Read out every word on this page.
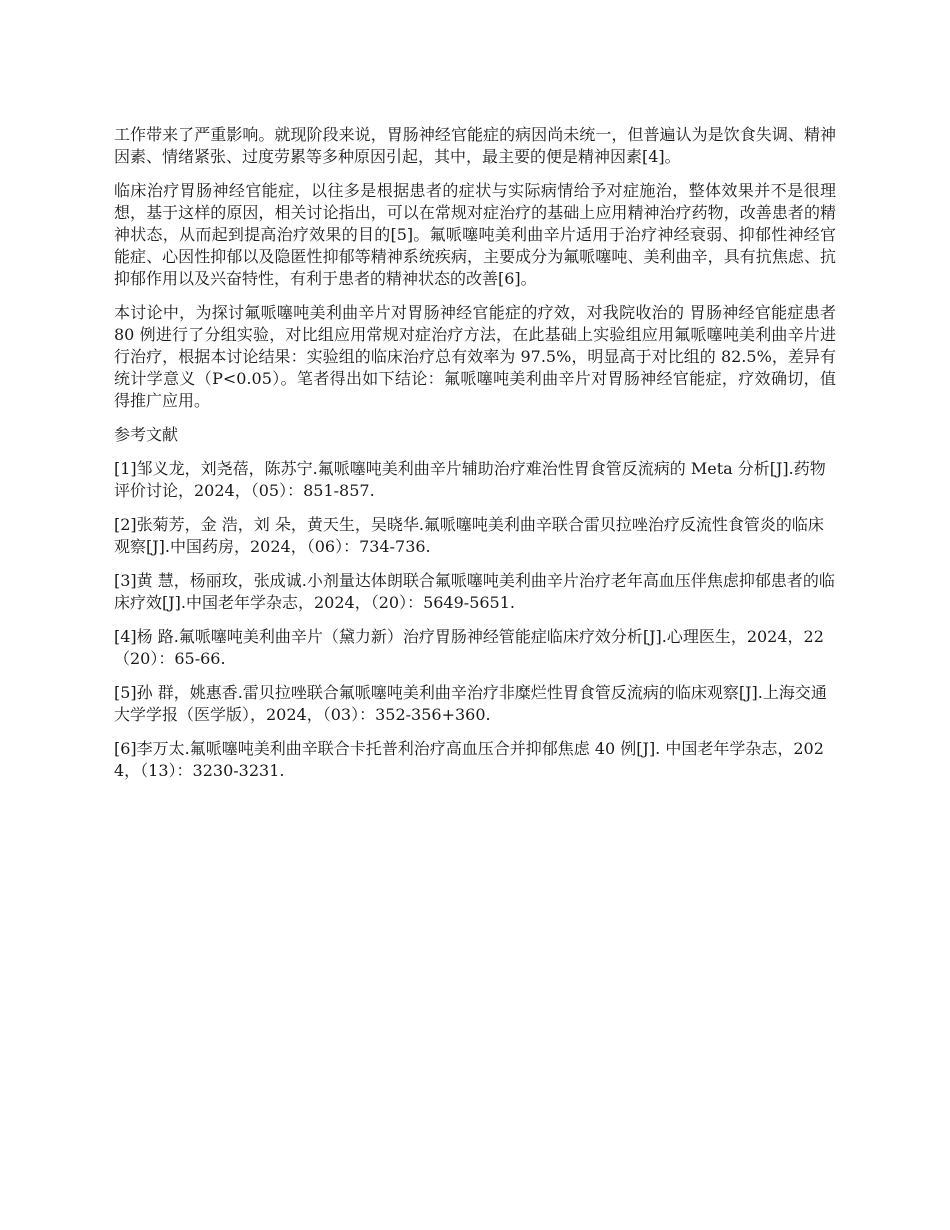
工作带来了严重影响。就现阶段来说，胃肠神经官能症的病因尚未统一，但普遍认为是饮食失调、精神因素、情绪紧张、过度劳累等多种原因引起，其中，最主要的便是精神因素[4]。

临床治疗胃肠神经官能症，以往多是根据患者的症状与实际病情给予对症施治，整体效果并不是很理想，基于这样的原因，相关讨论指出，可以在常规对症治疗的基础上应用精神治疗药物，改善患者的精神状态，从而起到提高治疗效果的目的[5]。氟哌噻吨美利曲辛片适用于治疗神经衰弱、抑郁性神经官能症、心因性抑郁以及隐匿性抑郁等精神系统疾病，主要成分为氟哌噻吨、美利曲辛，具有抗焦虑、抗抑郁作用以及兴奋特性，有利于患者的精神状态的改善[6]。

本讨论中，为探讨氟哌噻吨美利曲辛片对胃肠神经官能症的疗效，对我院收治的 胃肠神经官能症患者 80 例进行了分组实验，对比组应用常规对症治疗方法，在此基础上实验组应用氟哌噻吨美利曲辛片进行治疗，根据本讨论结果：实验组的临床治疗总有效率为 97.5%，明显高于对比组的 82.5%，差异有统计学意义（P<0.05）。笔者得出如下结论：氟哌噻吨美利曲辛片对胃肠神经官能症，疗效确切，值得推广应用。

参考文献

[1]邹义龙，刘尧蓓，陈苏宁.氟哌噻吨美利曲辛片辅助治疗难治性胃食管反流病的 Meta 分析[J].药物评价讨论，2024，（05）：851-857.

[2]张菊芳，金 浩，刘 朵，黄天生，吴晓华.氟哌噻吨美利曲辛联合雷贝拉唑治疗反流性食管炎的临床观察[J].中国药房，2024，（06）：734-736.

[3]黄 慧，杨丽玫，张成诚.小剂量达体朗联合氟哌噻吨美利曲辛片治疗老年高血压伴焦虑抑郁患者的临床疗效[J].中国老年学杂志，2024，（20）：5649-5651.

[4]杨 路.氟哌噻吨美利曲辛片（黛力新）治疗胃肠神经管能症临床疗效分析[J].心理医生，2024，22（20）：65-66.

[5]孙 群，姚惠香.雷贝拉唑联合氟哌噻吨美利曲辛治疗非糜烂性胃食管反流病的临床观察[J].上海交通大学学报（医学版），2024，（03）：352-356+360.

[6]李万太.氟哌噻吨美利曲辛联合卡托普利治疗高血压合并抑郁焦虑 40 例[J]. 中国老年学杂志，2024，（13）：3230-3231.
